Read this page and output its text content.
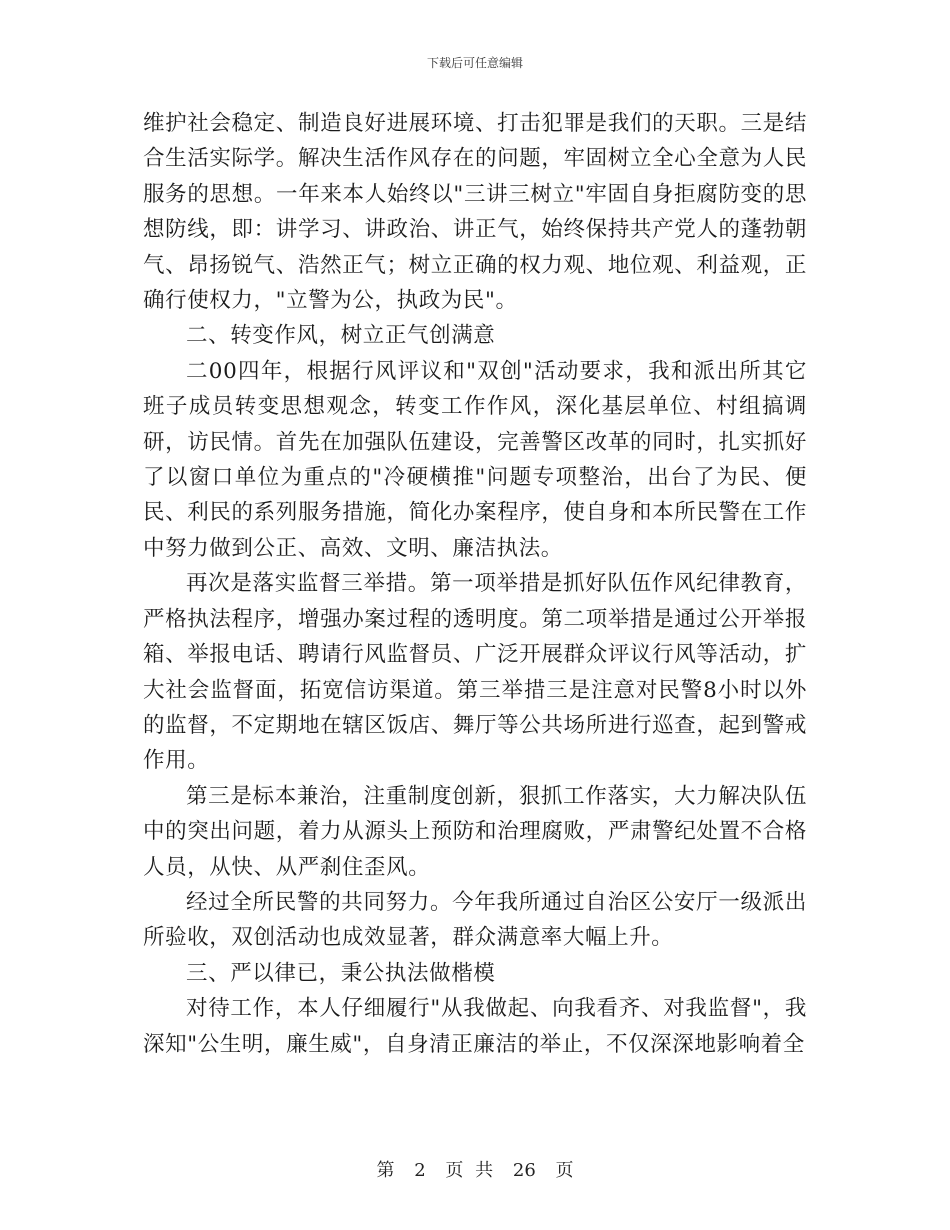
下载后可任意编辑

维护社会稳定、制造良好进展环境、打击犯罪是我们的天职。三是结合生活实际学。解决生活作风存在的问题，牢固树立全心全意为人民服务的思想。一年来本人始终以"三讲三树立"牢固自身拒腐防变的思想防线，即：讲学习、讲政治、讲正气，始终保持共产党人的蓬勃朝气、昂扬锐气、浩然正气；树立正确的权力观、地位观、利益观，正确行使权力，"立警为公，执政为民"。

二、转变作风，树立正气创满意

二00四年，根据行风评议和"双创"活动要求，我和派出所其它班子成员转变思想观念，转变工作作风，深化基层单位、村组搞调研，访民情。首先在加强队伍建设，完善警区改革的同时，扎实抓好了以窗口单位为重点的"冷硬横推"问题专项整治，出台了为民、便民、利民的系列服务措施，简化办案程序，使自身和本所民警在工作中努力做到公正、高效、文明、廉洁执法。

再次是落实监督三举措。第一项举措是抓好队伍作风纪律教育，严格执法程序，增强办案过程的透明度。第二项举措是通过公开举报箱、举报电话、聘请行风监督员、广泛开展群众评议行风等活动，扩大社会监督面，拓宽信访渠道。第三举措三是注意对民警8小时以外的监督，不定期地在辖区饭店、舞厅等公共场所进行巡查，起到警戒作用。

第三是标本兼治，注重制度创新，狠抓工作落实，大力解决队伍中的突出问题，着力从源头上预防和治理腐败，严肃警纪处置不合格人员，从快、从严刹住歪风。

经过全所民警的共同努力。今年我所通过自治区公安厅一级派出所验收，双创活动也成效显著，群众满意率大幅上升。

三、严以律已，秉公执法做楷模

对待工作，本人仔细履行"从我做起、向我看齐、对我监督"，我深知"公生明，廉生威"，自身清正廉洁的举止，不仅深深地影响着全

第 2 页 共 26 页
